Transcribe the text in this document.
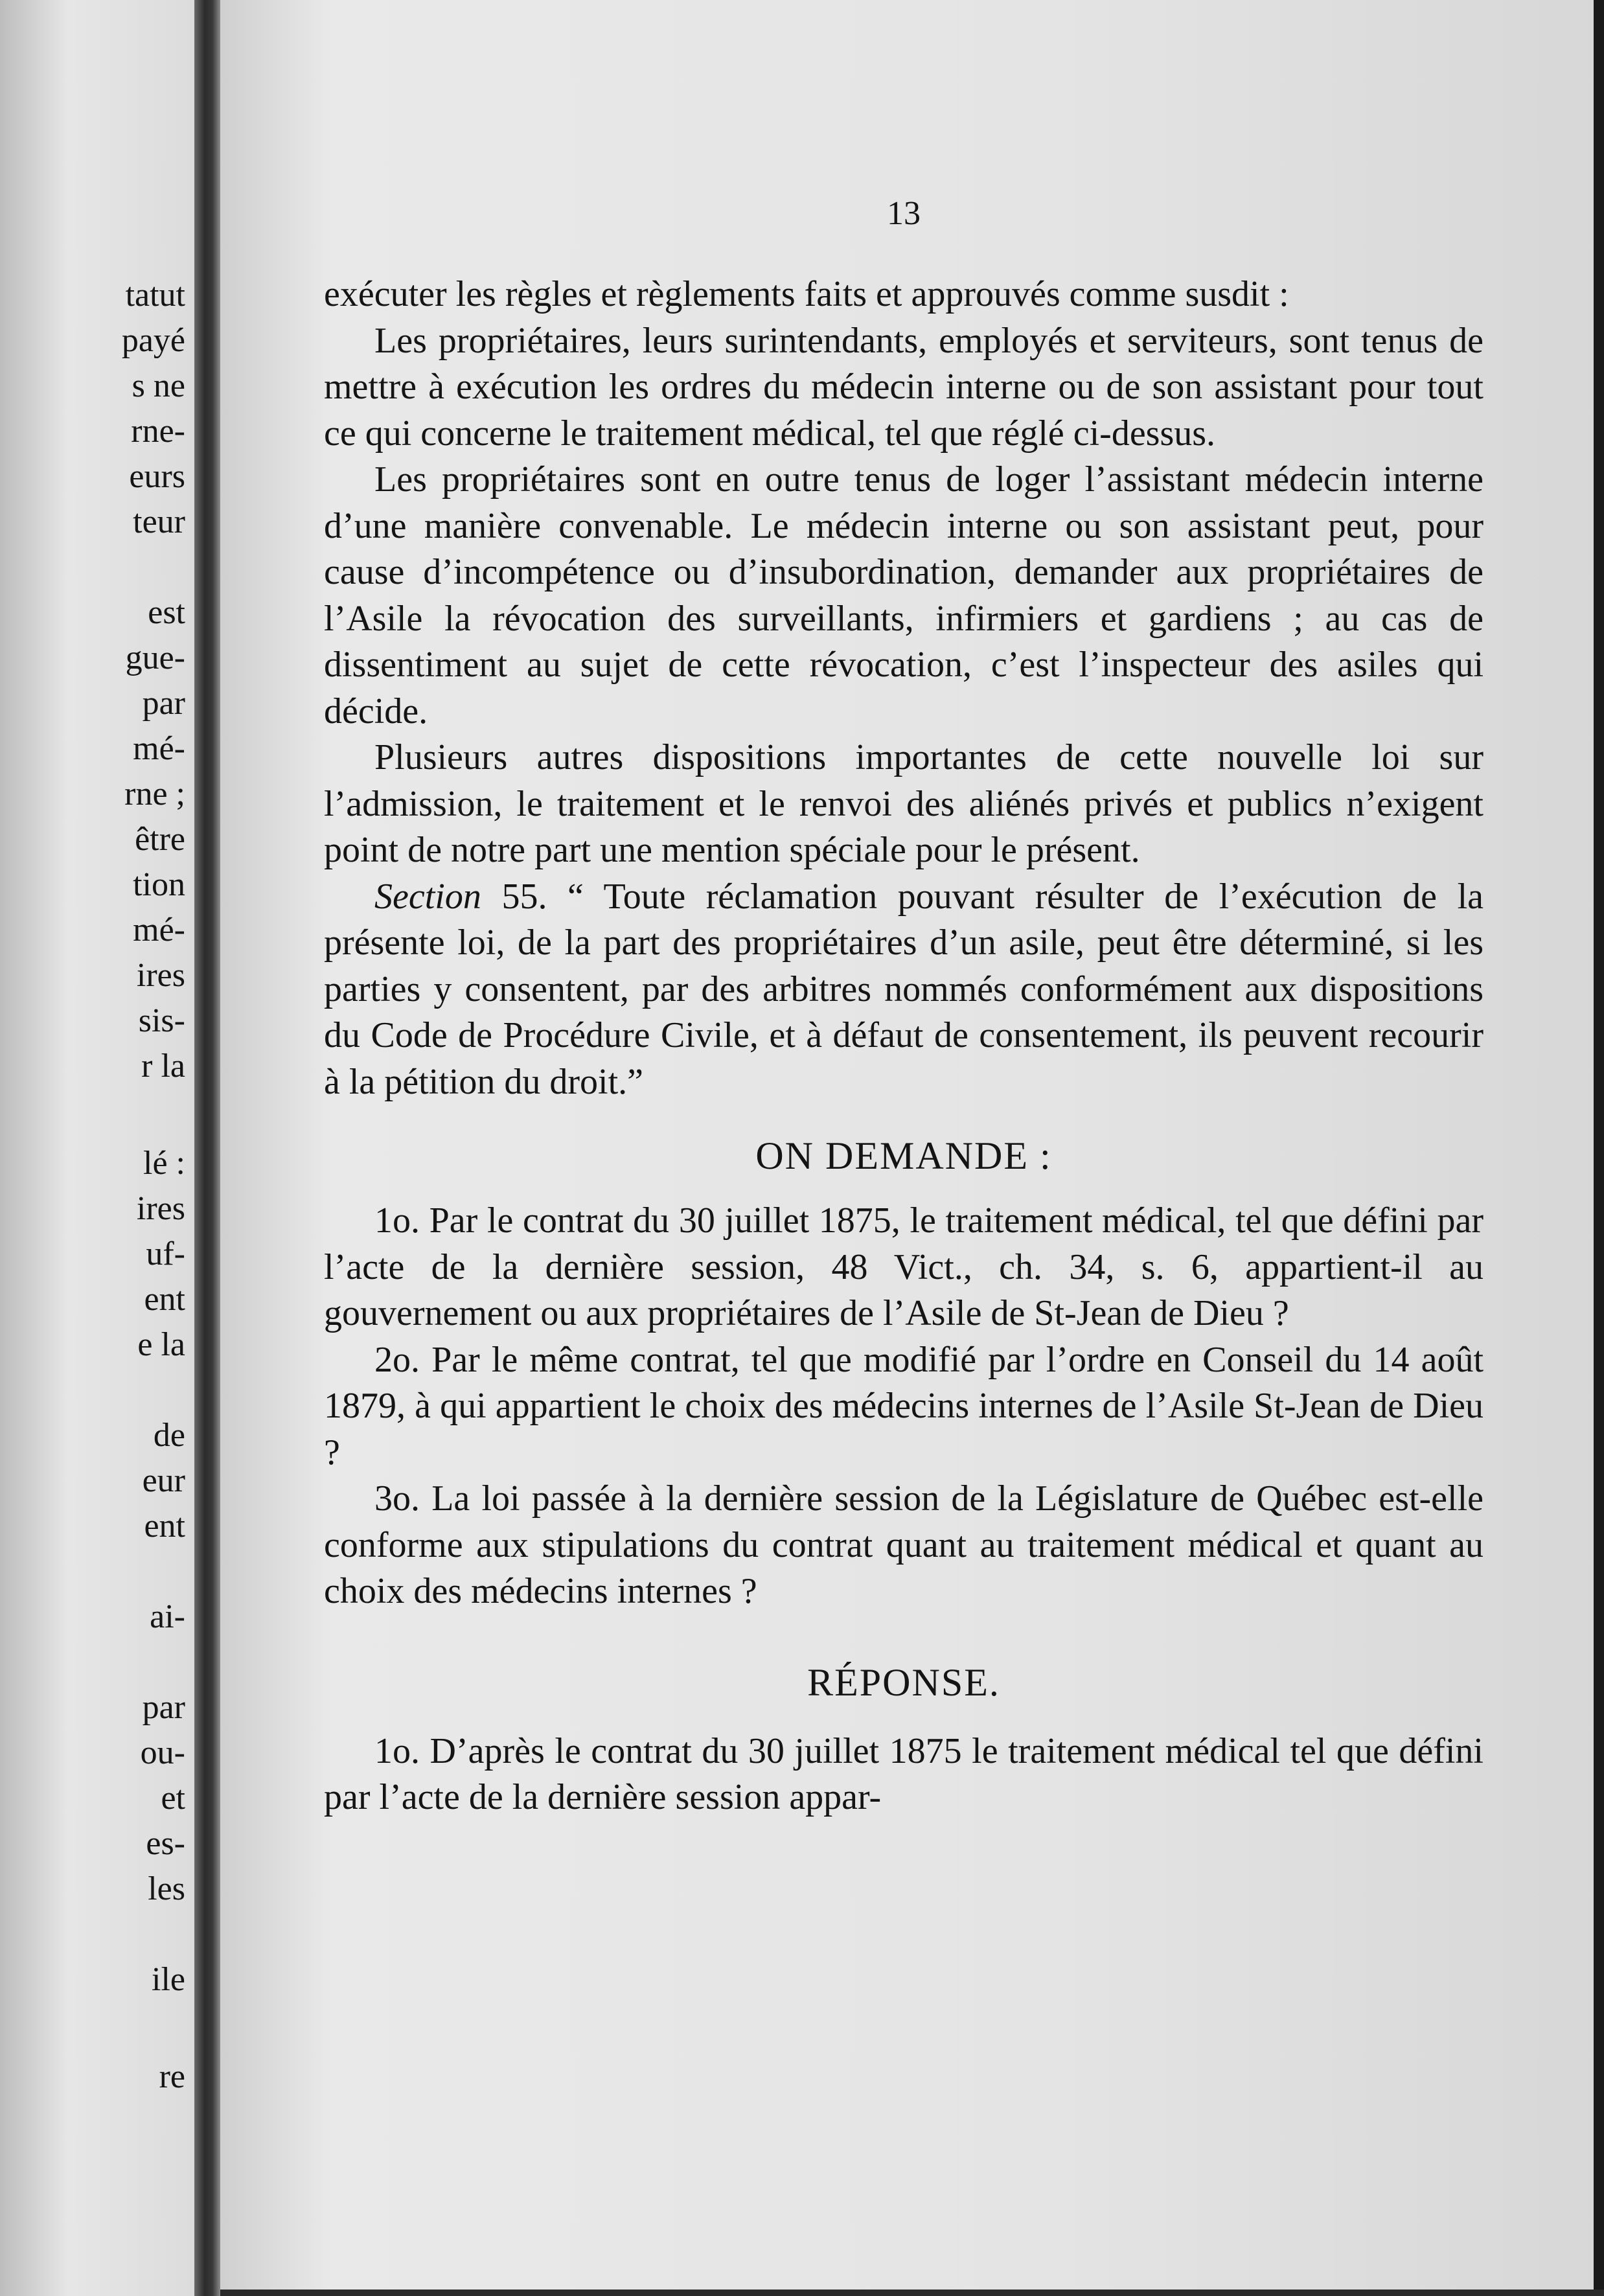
tatut
payé
s ne
rne-
eurs
teur
est
gue-
par
mé-
rne ;
être
tion
mé-
ires
sis-
r la
lé :
ires
uf-
ent
e la
de
eur
ent
ai-
par
ou-
et
es-
les
ile
re
13

exécuter les règles et règlements faits et approuvés comme susdit :

Les propriétaires, leurs surintendants, employés et serviteurs, sont tenus de mettre à exécution les ordres du médecin interne ou de son assistant pour tout ce qui concerne le traitement médical, tel que réglé ci-dessus.

Les propriétaires sont en outre tenus de loger l’assistant médecin interne d’une manière convenable. Le médecin interne ou son assistant peut, pour cause d’incompétence ou d’insubordination, demander aux propriétaires de l’Asile la révocation des surveillants, infirmiers et gardiens ; au cas de dissentiment au sujet de cette révocation, c’est l’inspecteur des asiles qui décide.

Plusieurs autres dispositions importantes de cette nouvelle loi sur l’admission, le traitement et le renvoi des aliénés privés et publics n’exigent point de notre part une mention spéciale pour le présent.

Section 55. “ Toute réclamation pouvant résulter de l’exécution de la présente loi, de la part des propriétaires d’un asile, peut être déterminé, si les parties y consentent, par des arbitres nommés conformément aux dispositions du Code de Procédure Civile, et à défaut de consentement, ils peuvent recourir à la pétition du droit.”

ON DEMANDE :

1o. Par le contrat du 30 juillet 1875, le traitement médical, tel que défini par l’acte de la dernière session, 48 Vict., ch. 34, s. 6, appartient-il au gouvernement ou aux propriétaires de l’Asile de St-Jean de Dieu ?

2o. Par le même contrat, tel que modifié par l’ordre en Conseil du 14 août 1879, à qui appartient le choix des médecins internes de l’Asile St-Jean de Dieu ?

3o. La loi passée à la dernière session de la Législature de Québec est-elle conforme aux stipulations du contrat quant au traitement médical et quant au choix des médecins internes ?

RÉPONSE.

1o. D’après le contrat du 30 juillet 1875 le traitement médical tel que défini par l’acte de la dernière session appar-
